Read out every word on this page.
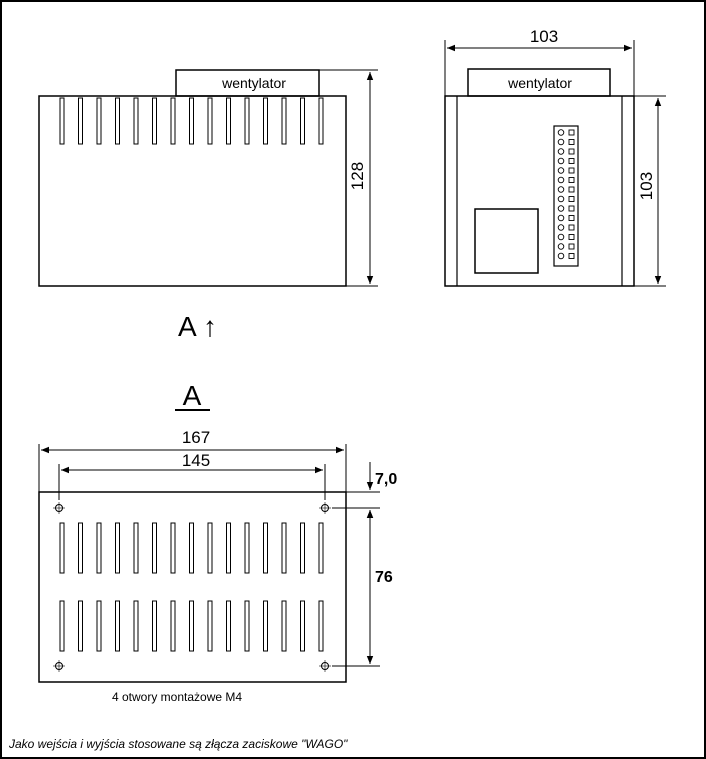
wentylator
128
A ↑
wentylator
103
103
A
167
145
7,0
76
4 otwory montażowe M4
Jako wejścia i wyjścia stosowane są złącza zaciskowe "WAGO"
